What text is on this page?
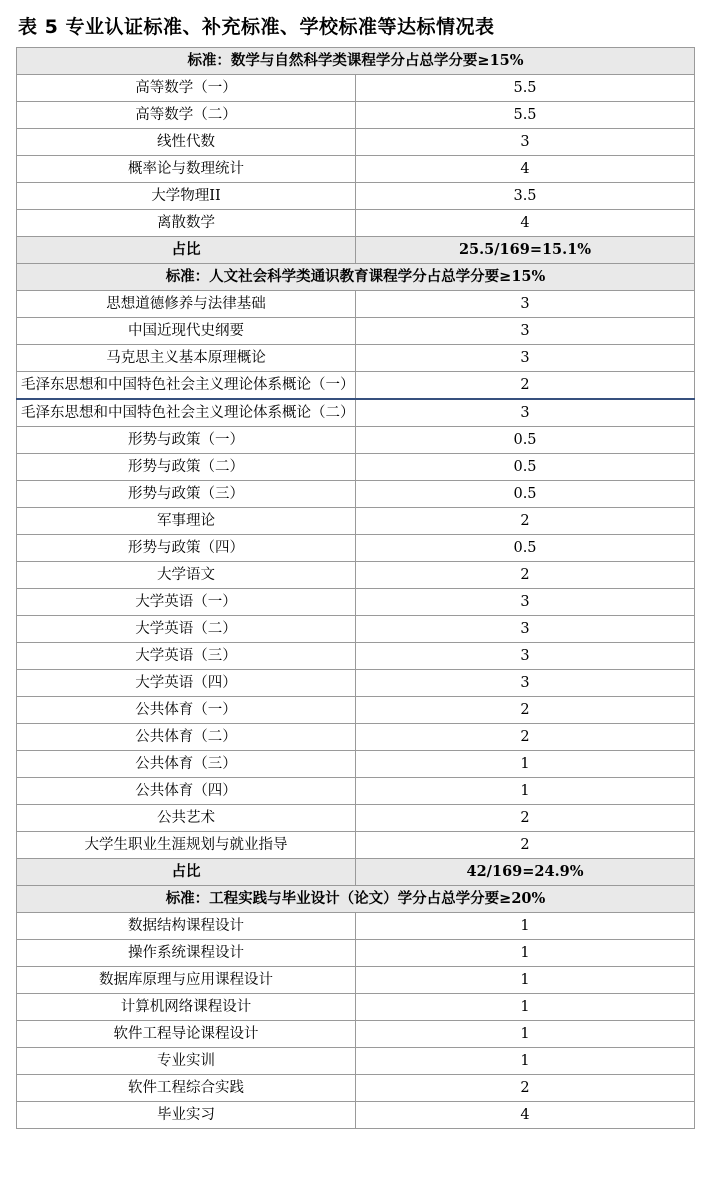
表 5 专业认证标准、补充标准、学校标准等达标情况表
标准：数学与自然科学类课程学分占总学分要≥15%	
高等数学（一）	5.5
高等数学（二）	5.5
线性代数	3
概率论与数理统计	4
大学物理II	3.5
离散数学	4
占比	25.5/169=15.1%
标准：人文社会科学类通识教育课程学分占总学分要≥15%	
思想道德修养与法律基础	3
中国近现代史纲要	3
马克思主义基本原理概论	3
毛泽东思想和中国特色社会主义理论体系概论（一）	2
毛泽东思想和中国特色社会主义理论体系概论（二）	3
形势与政策（一）	0.5
形势与政策（二）	0.5
形势与政策（三）	0.5
军事理论	2
形势与政策（四）	0.5
大学语文	2
大学英语（一）	3
大学英语（二）	3
大学英语（三）	3
大学英语（四）	3
公共体育（一）	2
公共体育（二）	2
公共体育（三）	1
公共体育（四）	1
公共艺术	2
大学生职业生涯规划与就业指导	2
占比	42/169=24.9%
标准：工程实践与毕业设计（论文）学分占总学分要≥20%	
数据结构课程设计	1
操作系统课程设计	1
数据库原理与应用课程设计	1
计算机网络课程设计	1
软件工程导论课程设计	1
专业实训	1
软件工程综合实践	2
毕业实习	4
